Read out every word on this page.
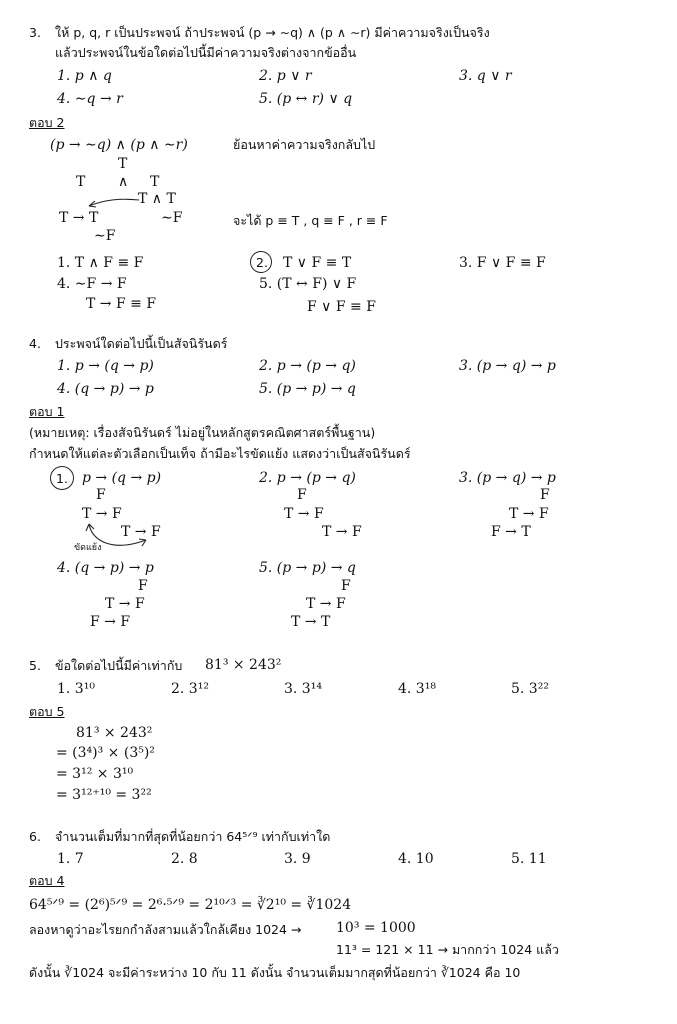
3. ให้ p, q, r เป็นประพจน์ ถ้าประพจน์ (p → ∼q) ∧ (p ∧ ∼r) มีค่าความจริงเป็นจริง
แล้วประพจน์ในข้อใดต่อไปนี้มีค่าความจริงต่างจากข้ออื่น
1. p ∧ q	2. p ∨ r	3. q ∨ r
4. ∼q → r	5. (p ↔ r) ∨ q
ตอบ 2
(p → ∼q) ∧ (p ∧ ∼r)	ย้อนหาค่าความจริงกลับไป
T
T ∧ T
T ∧ T
T → T	∼F
∼F
จะได้ p ≡ T , q ≡ F , r ≡ F
1. T ∧ F ≡ F	2. T ∨ F ≡ T	3. F ∨ F ≡ F
4. ∼F → F
T → F ≡ F
5. (T ↔ F) ∨ F
F ∨ F ≡ F
4. ประพจน์ใดต่อไปนี้เป็นสัจนิรันดร์
1. p → (q → p)	2. p → (p → q)	3. (p → q) → p
4. (q → p) → p	5. (p → p) → q
ตอบ 1
(หมายเหตุ: เรื่องสัจนิรันดร์ ไม่อยู่ในหลักสูตรคณิตศาสตร์พื้นฐาน)
กำหนดให้แต่ละตัวเลือกเป็นเท็จ ถ้ามีอะไรขัดแย้ง แสดงว่าเป็นสัจนิรันดร์
1. p → (q → p)
F
T → F
T → F
ขัดแย้ง
2. p → (p → q)
F
T → F
T → F
3. (p → q) → p
F
T → F
F → T
4. (q → p) → p
F
T → F
F → F
5. (p → p) → q
F
T → F
T → T
5. ข้อใดต่อไปนี้มีค่าเท่ากับ 81³ × 243²
1. 3¹⁰	2. 3¹²	3. 3¹⁴	4. 3¹⁸	5. 3²²
ตอบ 5
81³ × 243²
= (3⁴)³ × (3⁵)²
= 3¹² × 3¹⁰
= 3¹²⁺¹⁰ = 3²²
6. จำนวนเต็มที่มากที่สุดที่น้อยกว่า 64⁵ᐟ⁹ เท่ากับเท่าใด
1. 7	2. 8	3. 9	4. 10	5. 11
ตอบ 4
64⁵ᐟ⁹ = (2⁶)⁵ᐟ⁹ = 2⁶·⁵ᐟ⁹ = 2¹⁰ᐟ³ = ∛2¹⁰ = ∛1024
ลองหาดูว่าอะไรยกกำลังสามแล้วใกล้เคียง 1024 → 10³ = 1000
11³ = 121 × 11 → มากกว่า 1024 แล้ว
ดังนั้น ∛1024 จะมีค่าระหว่าง 10 กับ 11 ดังนั้น จำนวนเต็มมากสุดที่น้อยกว่า ∛1024 คือ 10
